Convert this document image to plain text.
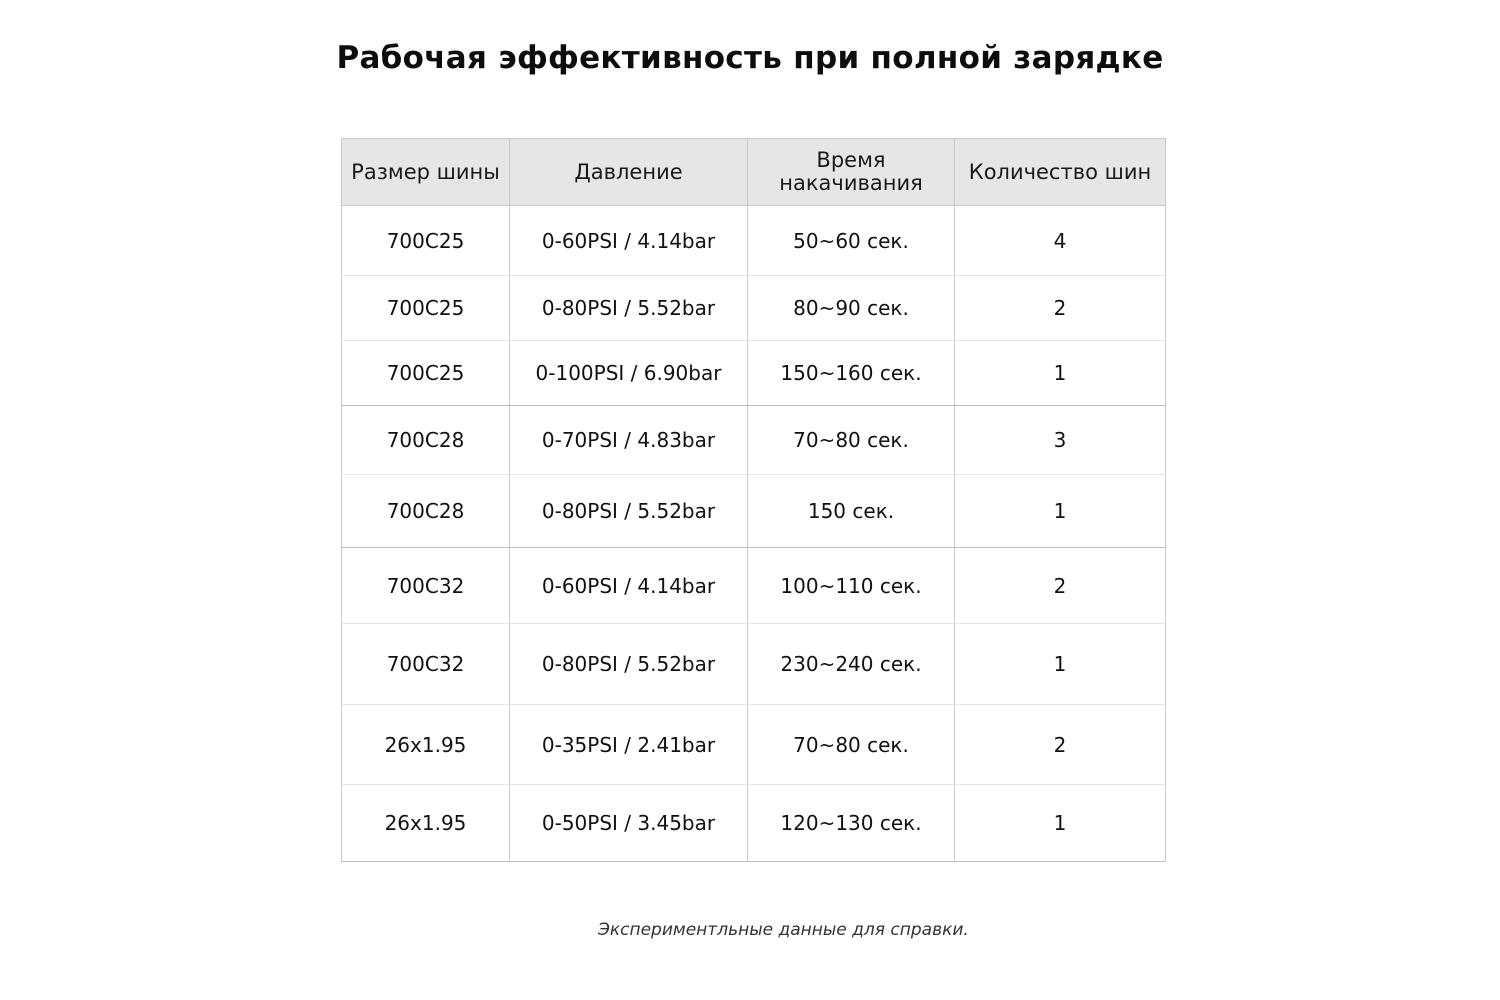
Рабочая эффективность при полной зарядке
Размер шины	Давление	Время накачивания	Количество шин
700C25	0-60PSI / 4.14bar	50~60 сек.	4
700C25	0-80PSI / 5.52bar	80~90 сек.	2
700C25	0-100PSI / 6.90bar	150~160 сек.	1
700C28	0-70PSI / 4.83bar	70~80 сек.	3
700C28	0-80PSI / 5.52bar	150 сек.	1
700C32	0-60PSI / 4.14bar	100~110 сек.	2
700C32	0-80PSI / 5.52bar	230~240 сек.	1
26x1.95	0-35PSI / 2.41bar	70~80 сек.	2
26x1.95	0-50PSI / 3.45bar	120~130 сек.	1
Экспериментльные данные для справки.
